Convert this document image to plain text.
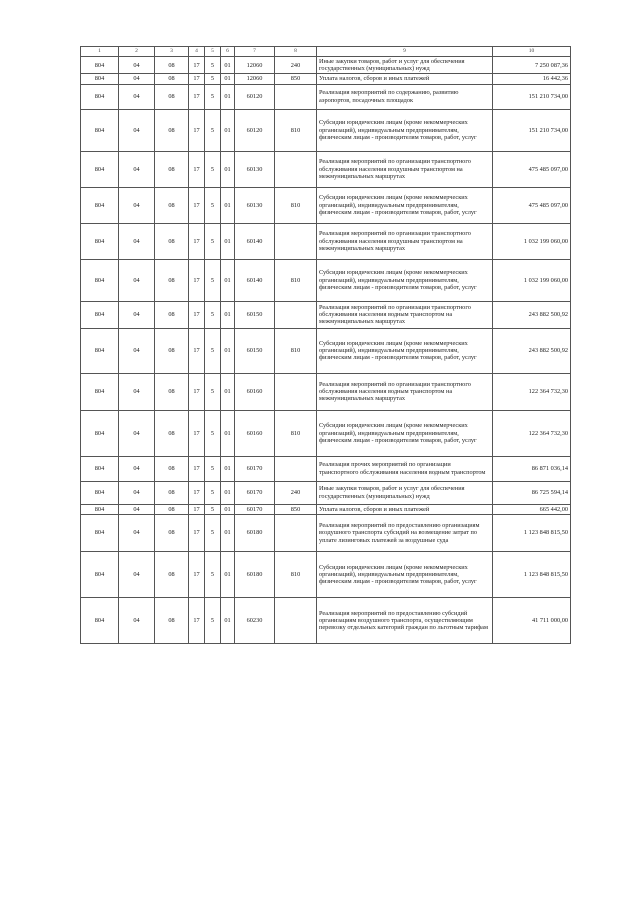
1	2	3	4	5	6	7	8	9	10
804	04	08	17	5	01	12060	240	Иные закупки товаров, работ и услуг для обеспечения государственных (муниципальных) нужд	7 250 087,36
804	04	08	17	5	01	12060	850	Уплата налогов, сборов и иных платежей	16 442,36
804	04	08	17	5	01	60120		Реализация мероприятий по содержанию, развитию аэропортов, посадочных площадок	151 210 734,00
804	04	08	17	5	01	60120	810	Субсидии юридическим лицам (кроме некоммерческих организаций), индивидуальным предпринимателям, физическим лицам - производителям товаров, работ, услуг	151 210 734,00
804	04	08	17	5	01	60130		Реализация мероприятий по организации транспортного обслуживания населения воздушным транспортом на межмуниципальных маршрутах	475 485 097,00
804	04	08	17	5	01	60130	810	Субсидии юридическим лицам (кроме некоммерческих организаций), индивидуальным предпринимателям, физическим лицам - производителям товаров, работ, услуг	475 485 097,00
804	04	08	17	5	01	60140		Реализация мероприятий по организации транспортного обслуживания населения воздушным транспортом на межмуниципальных маршрутах	1 032 199 060,00
804	04	08	17	5	01	60140	810	Субсидии юридическим лицам (кроме некоммерческих организаций), индивидуальным предпринимателям, физическим лицам - производителям товаров, работ, услуг	1 032 199 060,00
804	04	08	17	5	01	60150		Реализация мероприятий по организации транспортного обслуживания населения водным транспортом на межмуниципальных маршрутах	243 882 500,92
804	04	08	17	5	01	60150	810	Субсидии юридическим лицам (кроме некоммерческих организаций), индивидуальным предпринимателям, физическим лицам - производителям товаров, работ, услуг	243 882 500,92
804	04	08	17	5	01	60160		Реализация мероприятий по организации транспортного обслуживания населения водным транспортом на межмуниципальных маршрутах	122 364 732,30
804	04	08	17	5	01	60160	810	Субсидии юридическим лицам (кроме некоммерческих организаций), индивидуальным предпринимателям, физическим лицам - производителям товаров, работ, услуг	122 364 732,30
804	04	08	17	5	01	60170		Реализация прочих мероприятий по организации транспортного обслуживания населения водным транспортом	86 871 036,14
804	04	08	17	5	01	60170	240	Иные закупки товаров, работ и услуг для обеспечения государственных (муниципальных) нужд	86 725 594,14
804	04	08	17	5	01	60170	850	Уплата налогов, сборов и иных платежей	665 442,00
804	04	08	17	5	01	60180		Реализация мероприятий по предоставлению организациям воздушного транспорта субсидий на возмещение затрат по уплате лизинговых платежей за воздушные суда	1 123 848 815,50
804	04	08	17	5	01	60180	810	Субсидии юридическим лицам (кроме некоммерческих организаций), индивидуальным предпринимателям, физическим лицам - производителям товаров, работ, услуг	1 123 848 815,50
804	04	08	17	5	01	60230		Реализация мероприятий по предоставлению субсидий организациям воздушного транспорта, осуществляющим перевозку отдельных категорий граждан по льготным тарифам	41 711 000,00
